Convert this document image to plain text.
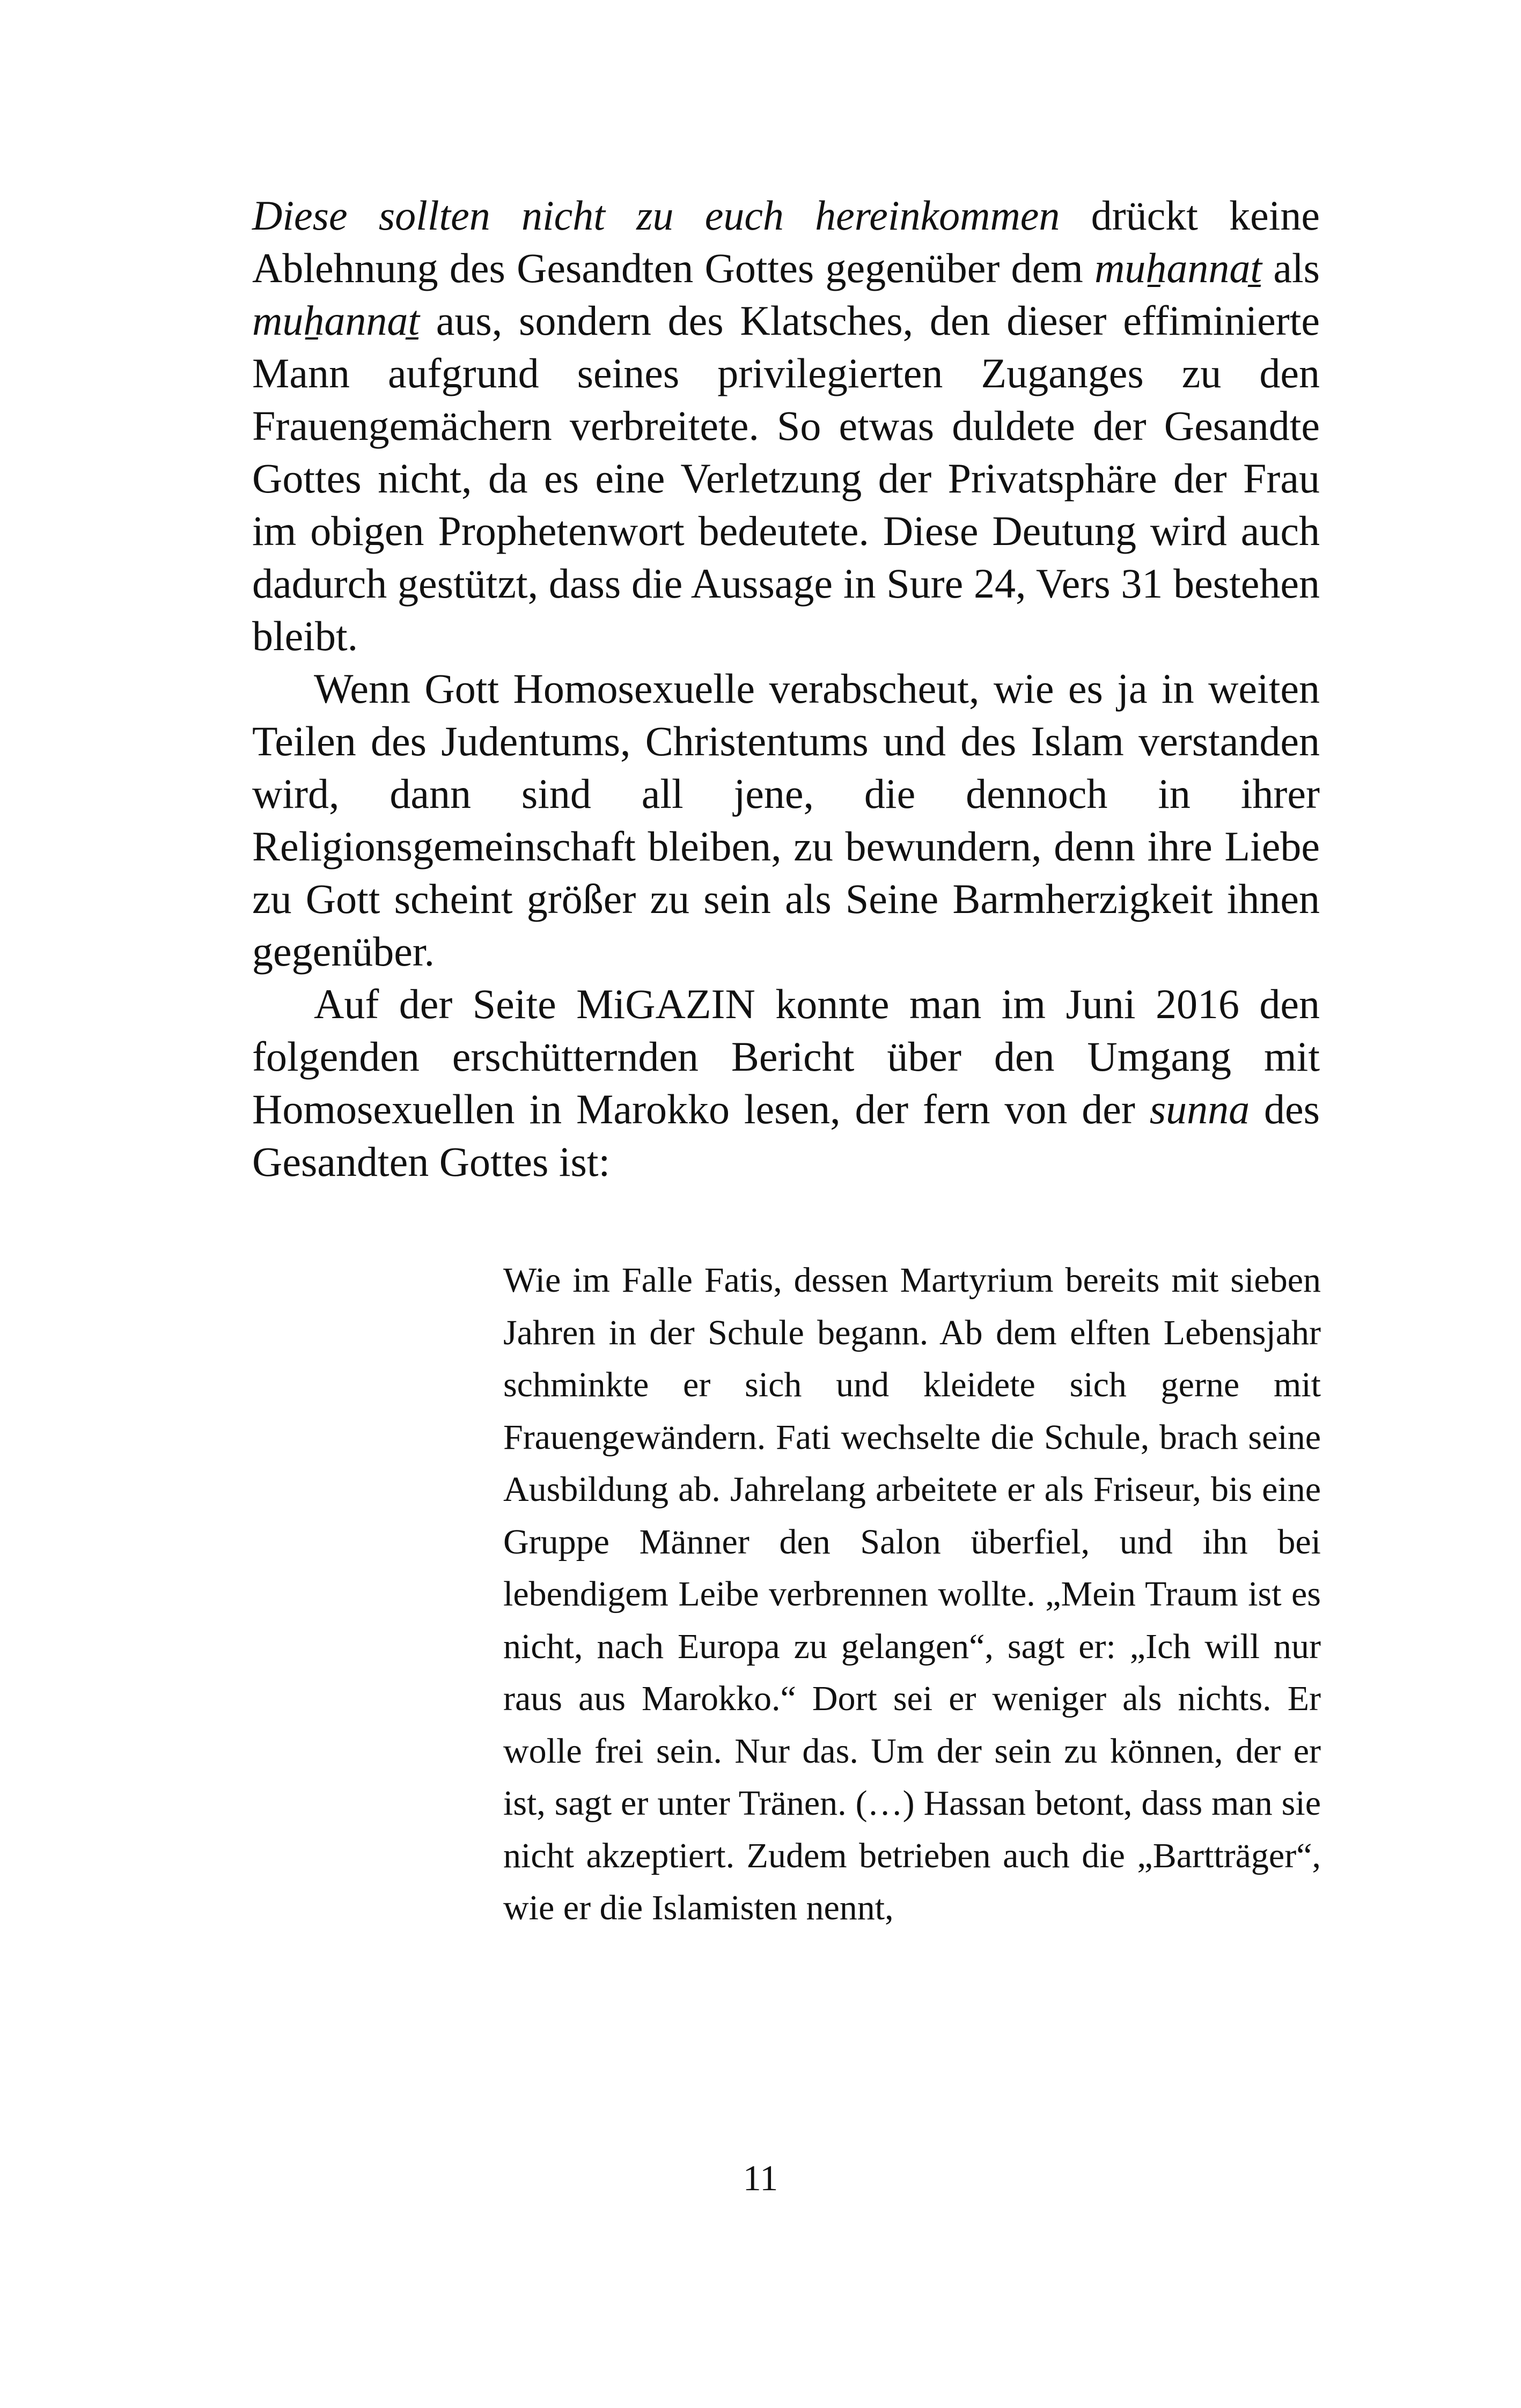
Diese sollten nicht zu euch hereinkommen drückt keine Ablehnung des Gesandten Gottes gegenüber dem muẖannaṯ als muẖannaṯ aus, sondern des Klatsches, den dieser effiminierte Mann aufgrund seines privilegierten Zuganges zu den Frauengemächern verbreitete. So etwas duldete der Gesandte Gottes nicht, da es eine Verletzung der Privatsphäre der Frau im obigen Prophetenwort bedeutete. Diese Deutung wird auch dadurch gestützt, dass die Aussage in Sure 24, Vers 31 bestehen bleibt.

Wenn Gott Homosexuelle verabscheut, wie es ja in weiten Teilen des Judentums, Christentums und des Islam verstanden wird, dann sind all jene, die dennoch in ihrer Religionsgemeinschaft bleiben, zu bewundern, denn ihre Liebe zu Gott scheint größer zu sein als Seine Barmherzigkeit ihnen gegenüber.

Auf der Seite MiGAZIN konnte man im Juni 2016 den folgenden erschütternden Bericht über den Umgang mit Homosexuellen in Marokko lesen, der fern von der sunna des Gesandten Gottes ist:

Wie im Falle Fatis, dessen Martyrium bereits mit sieben Jahren in der Schule begann. Ab dem elften Lebensjahr schminkte er sich und kleidete sich gerne mit Frauengewändern. Fati wechselte die Schule, brach seine Ausbildung ab. Jahrelang arbeitete er als Friseur, bis eine Gruppe Männer den Salon überfiel, und ihn bei lebendigem Leibe verbrennen wollte. „Mein Traum ist es nicht, nach Europa zu gelangen“, sagt er: „Ich will nur raus aus Marokko.“ Dort sei er weniger als nichts. Er wolle frei sein. Nur das. Um der sein zu können, der er ist, sagt er unter Tränen. (…) Hassan betont, dass man sie nicht akzeptiert. Zudem betrieben auch die „Bartträger“, wie er die Islamisten nennt,

11
